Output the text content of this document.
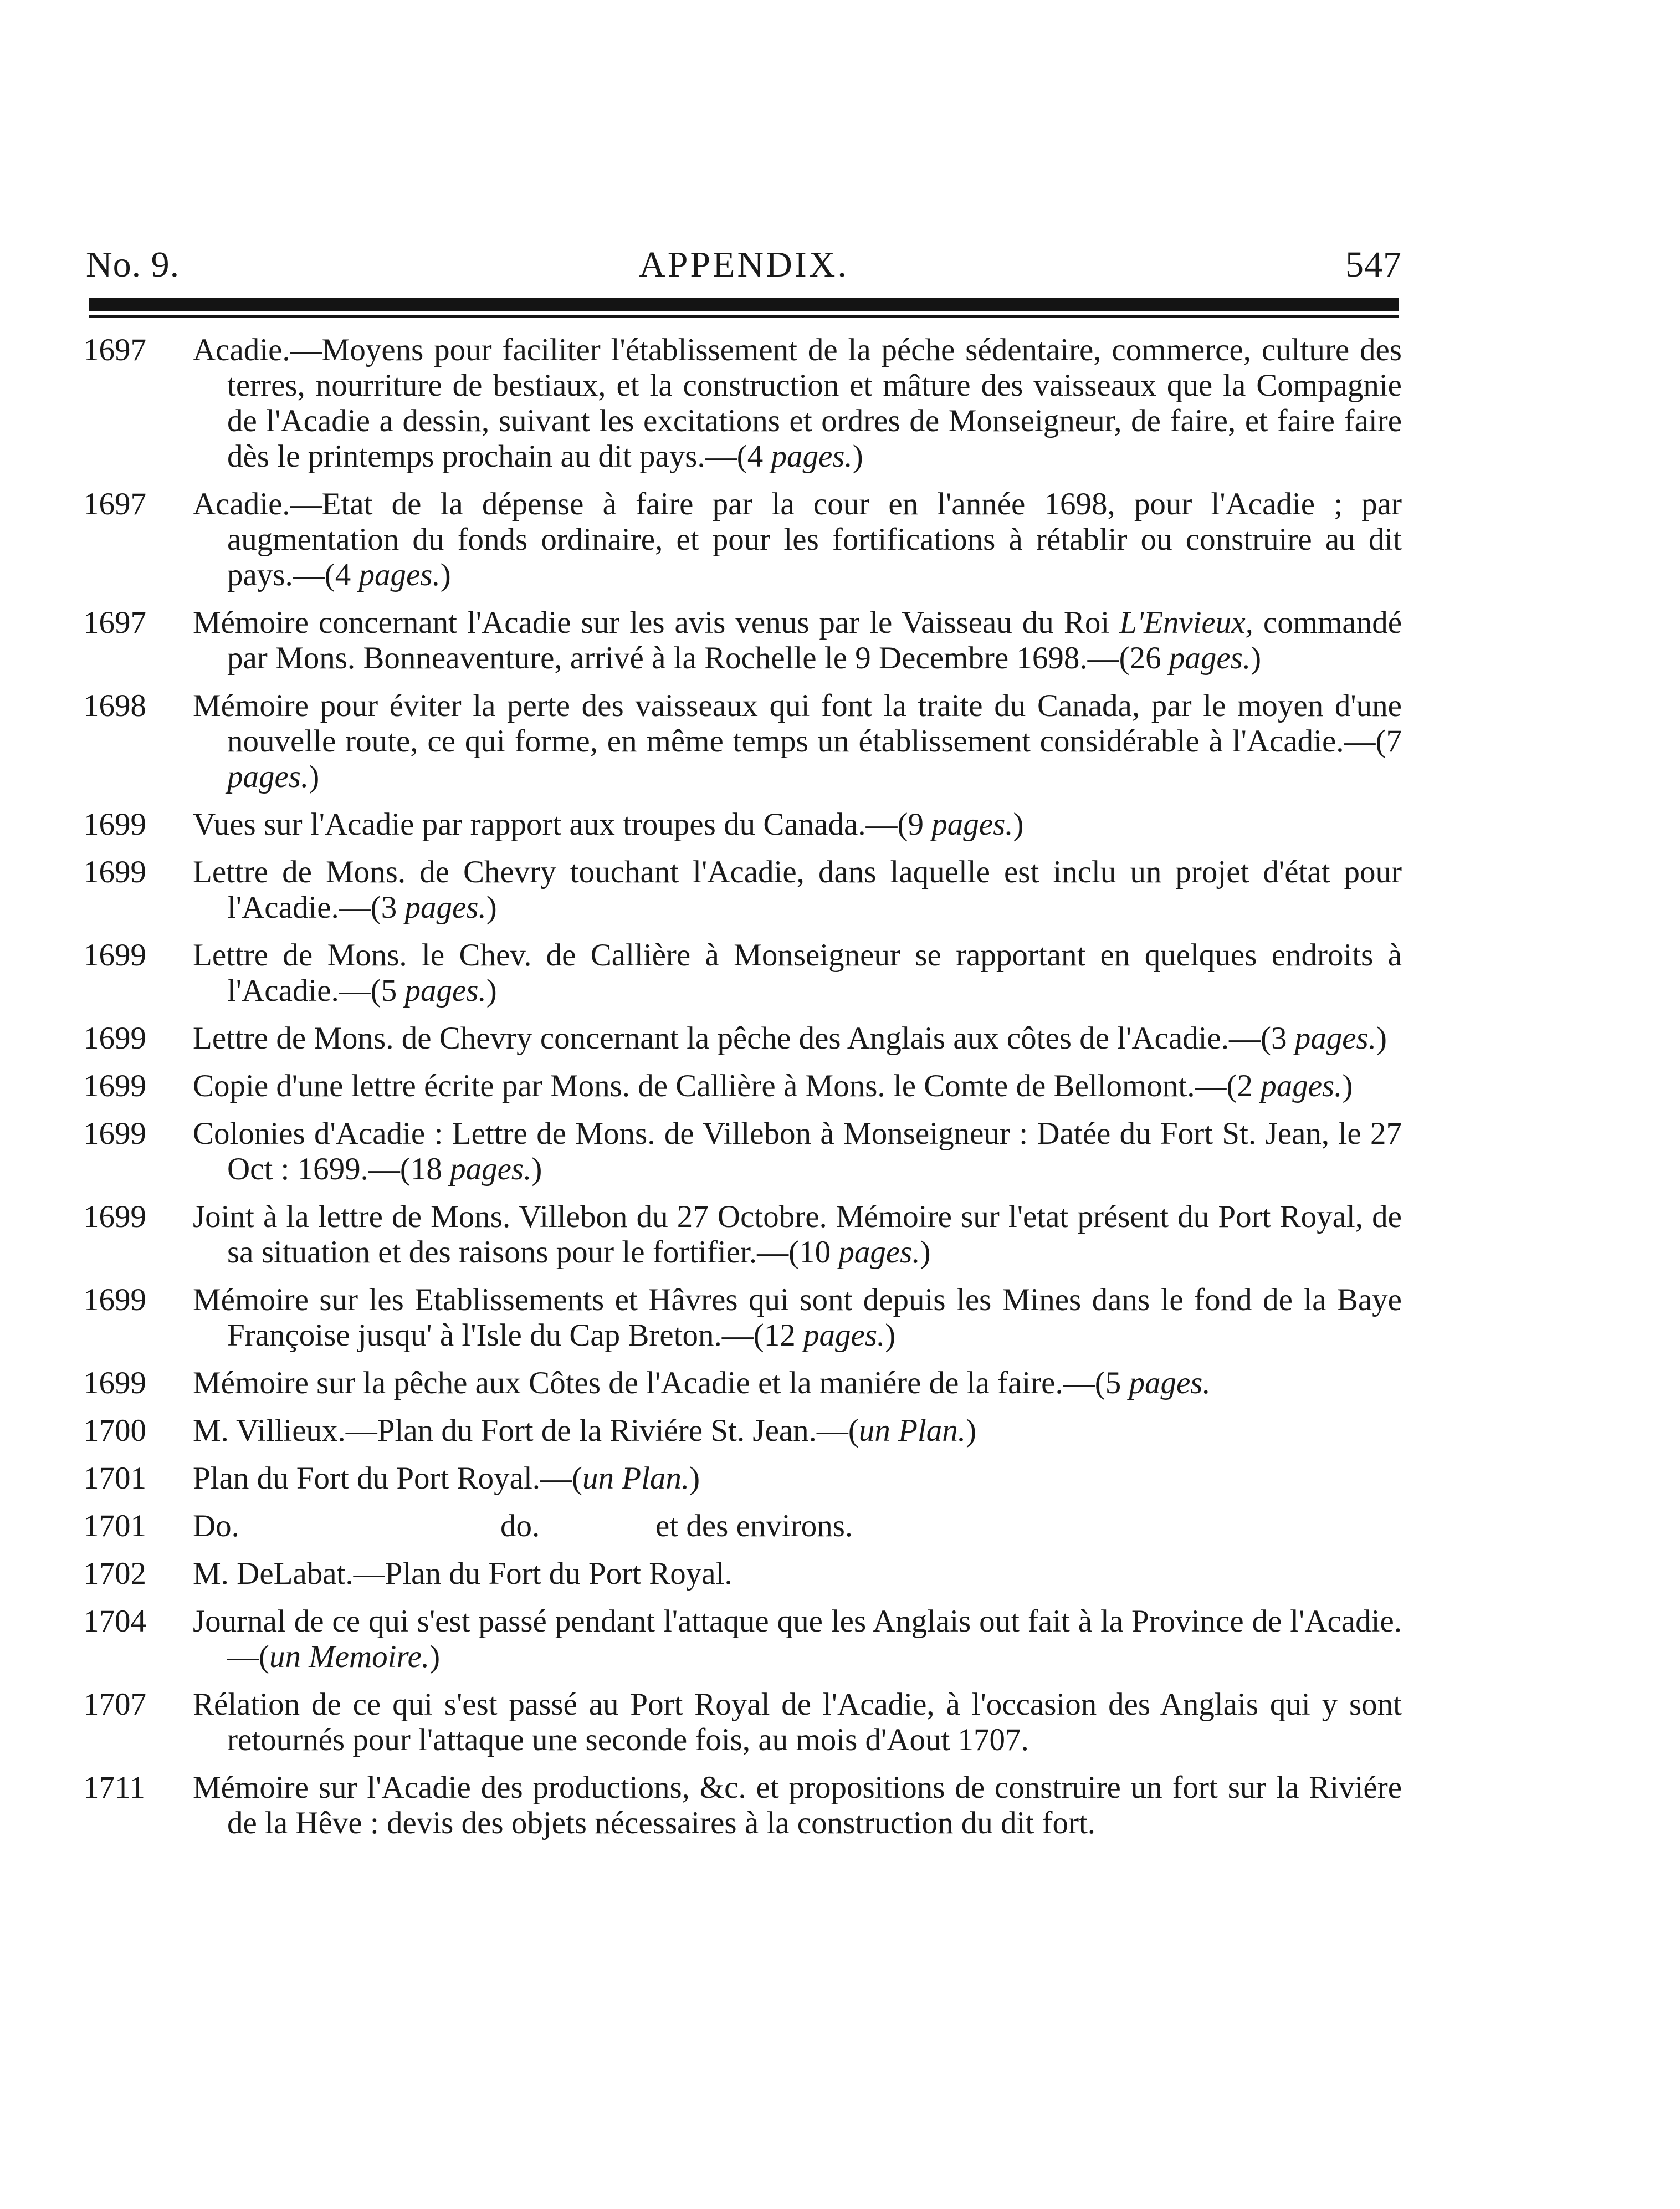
No. 9.	APPENDIX.	547
1697	Acadie.—Moyens pour faciliter l'établissement de la péche sédentaire, commerce, culture des terres, nourriture de bestiaux, et la construction et mâture des vaisseaux que la Compagnie de l'Acadie a dessin, suivant les excitations et ordres de Monseigneur, de faire, et faire faire dès le printemps prochain au dit pays.—(4 pages.)
1697	Acadie.—Etat de la dépense à faire par la cour en l'année 1698, pour l'Acadie ; par augmentation du fonds ordinaire, et pour les fortifications à rétablir ou construire au dit pays.—(4 pages.)
1697	Mémoire concernant l'Acadie sur les avis venus par le Vaisseau du Roi L'Envieux, commandé par Mons. Bonneaventure, arrivé à la Rochelle le 9 Decembre 1698.—(26 pages.)
1698	Mémoire pour éviter la perte des vaisseaux qui font la traite du Canada, par le moyen d'une nouvelle route, ce qui forme, en même temps un établissement considérable à l'Acadie.—(7 pages.)
1699	Vues sur l'Acadie par rapport aux troupes du Canada.—(9 pages.)
1699	Lettre de Mons. de Chevry touchant l'Acadie, dans laquelle est inclu un projet d'état pour l'Acadie.—(3 pages.)
1699	Lettre de Mons. le Chev. de Callière à Monseigneur se rapportant en quelques endroits à l'Acadie.—(5 pages.)
1699	Lettre de Mons. de Chevry concernant la pêche des Anglais aux côtes de l'Acadie.—(3 pages.)
1699	Copie d'une lettre écrite par Mons. de Callière à Mons. le Comte de Bellomont.—(2 pages.)
1699	Colonies d'Acadie : Lettre de Mons. de Villebon à Monseigneur : Datée du Fort St. Jean, le 27 Oct : 1699.—(18 pages.)
1699	Joint à la lettre de Mons. Villebon du 27 Octobre. Mémoire sur l'etat présent du Port Royal, de sa situation et des raisons pour le fortifier.—(10 pages.)
1699	Mémoire sur les Etablissements et Hâvres qui sont depuis les Mines dans le fond de la Baye Françoise jusqu' à l'Isle du Cap Breton.—(12 pages.)
1699	Mémoire sur la pêche aux Côtes de l'Acadie et la maniére de la faire.—(5 pages.
1700	M. Villieux.—Plan du Fort de la Riviére St. Jean.—(un Plan.)
1701	Plan du Fort du Port Royal.—(un Plan.)
1701	Do.	do.	et des environs.
1702	M. DeLabat.—Plan du Fort du Port Royal.
1704	Journal de ce qui s'est passé pendant l'attaque que les Anglais out fait à la Province de l'Acadie.—(un Memoire.)
1707	Rélation de ce qui s'est passé au Port Royal de l'Acadie, à l'occasion des Anglais qui y sont retournés pour l'attaque une seconde fois, au mois d'Aout 1707.
1711	Mémoire sur l'Acadie des productions, &c. et propositions de construire un fort sur la Riviére de la Hêve : devis des objets nécessaires à la construction du dit fort.
